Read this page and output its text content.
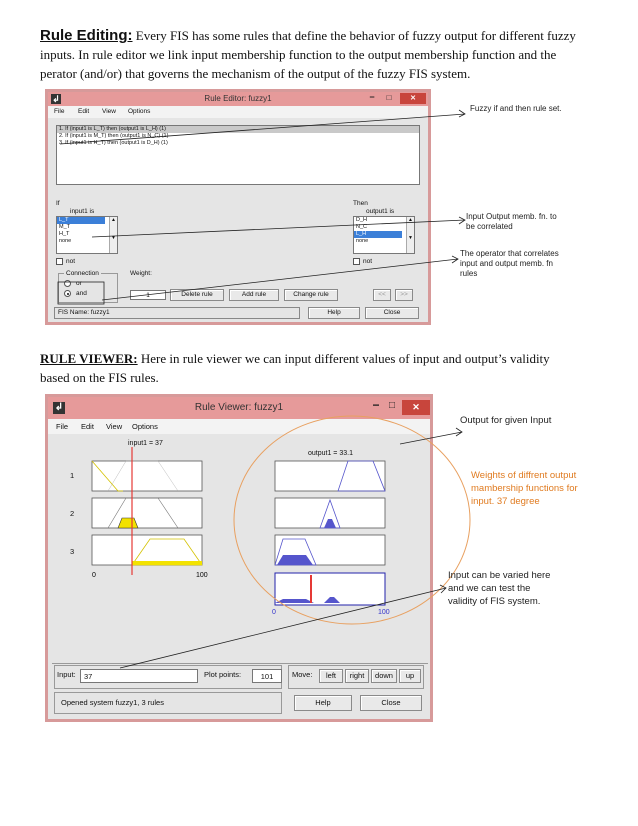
Rule Editing: Every FIS has some rules that define the behavior of fuzzy output for different fuzzy
inputs. In rule editor we link input membership function to the output membership function and the
perator (and/or) that governs the mechanism of the output of the fuzzy FIS system.
↲	Rule Editor: fuzzy1	−	□	✕
File Edit View Options
1. If (input1 is L_T) then (output1 is L_H) (1)
2. If (input1 is M_T) then (output1 is N_C) (1)
3. If (input1 is H_T) then (output1 is D_H) (1)
If
input1 is
L_T
M_T
H_T
none
▲

▼
not
Connection
or
and
Weight:
1	Delete rule	Add rule	Change rule	<<	>>
Then
output1 is
D_H
N_C
L_H
none
▲

▼
not
FIS Name: fuzzy1	Help	Close
Fuzzy if and then rule set.
Input Output memb. fn. to be correlated
The operator that correlates input and output memb. fn rules
RULE VIEWER: Here in rule viewer we can input different values of input and output’s validity
based on the FIS rules.
↲	Rule Viewer: fuzzy1	− □	✕
File Edit View Options
input1 = 37
output1 = 33.1
1
2
3
0	100
0	100
Input:	37	Plot points:	101	Move:	left	right	down	up
Opened system fuzzy1, 3 rules	Help	Close
Output for given Input
Weights of diffrent output mambership functions for input. 37 degree
Input can be varied here and we can test the validity of FIS system.
